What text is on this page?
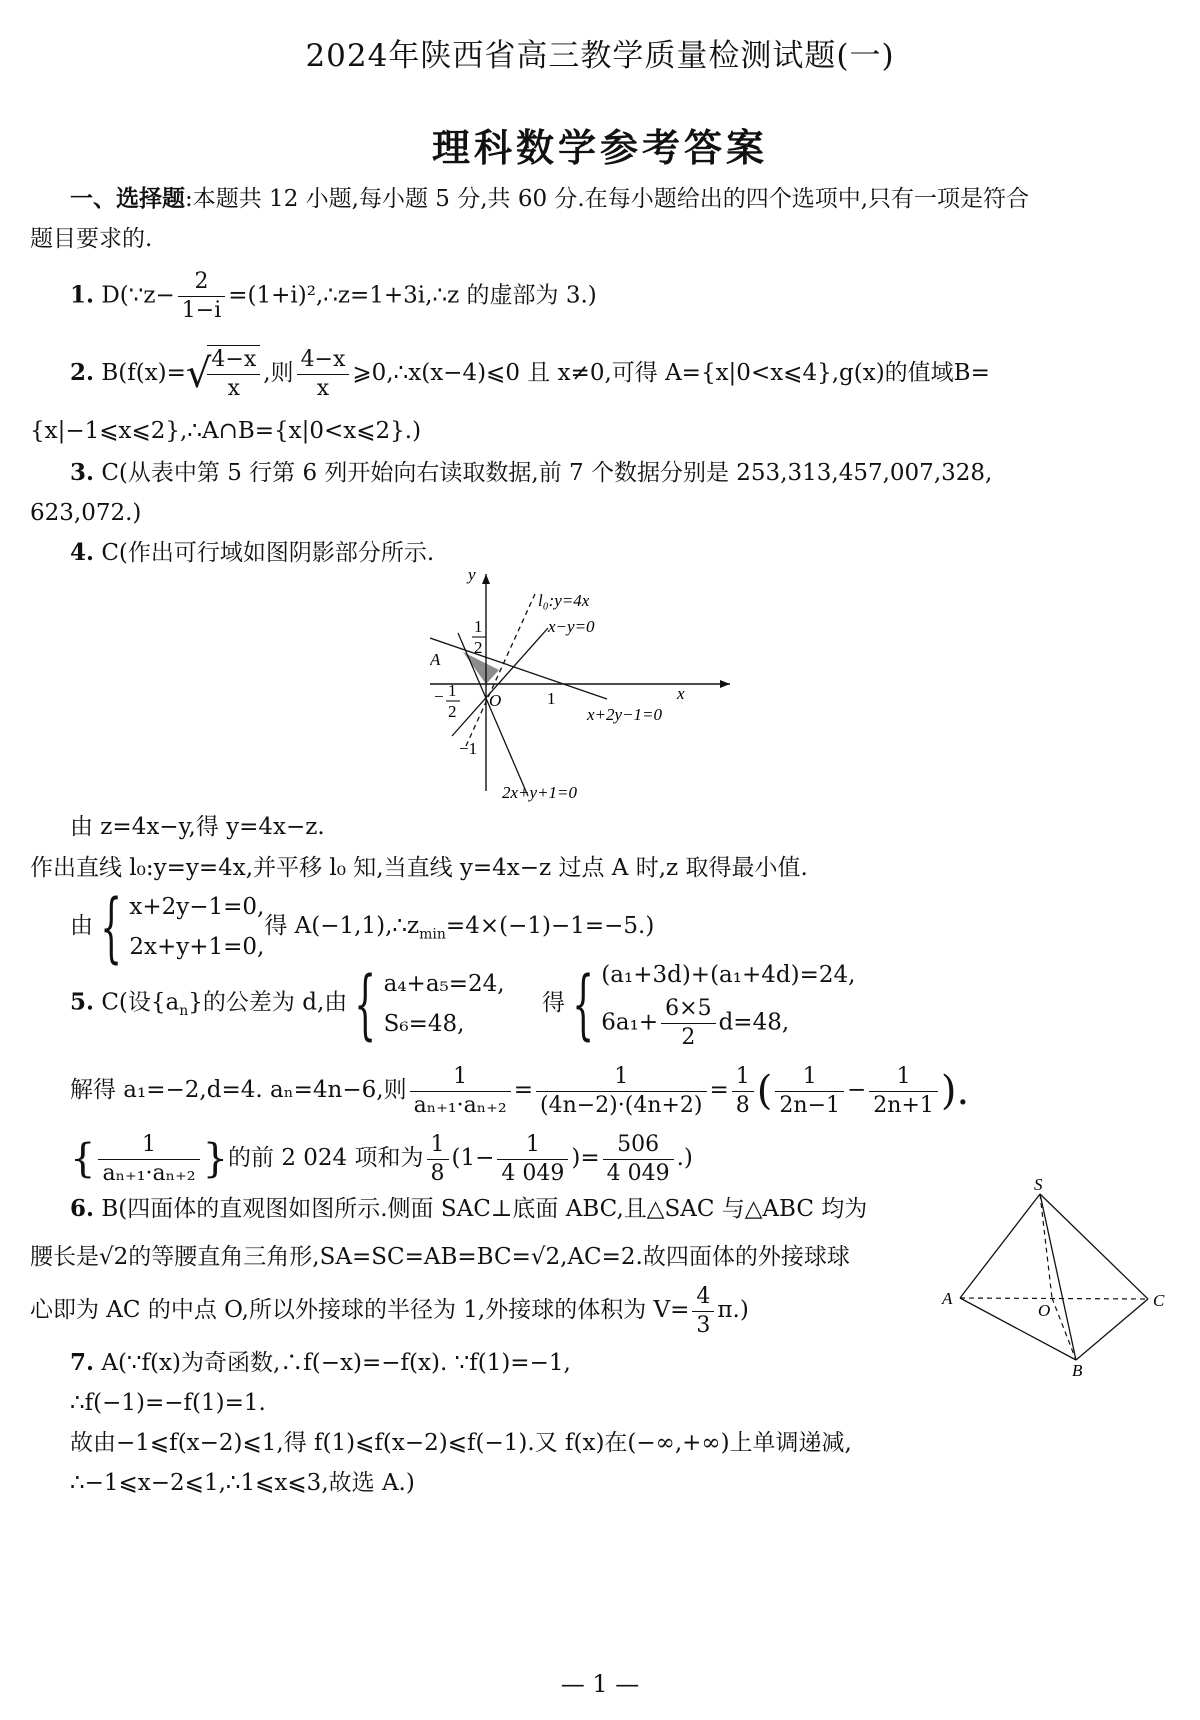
2024年陕西省高三教学质量检测试题(一)
理科数学参考答案
一、选择题:本题共 12 小题,每小题 5 分,共 60 分.在每小题给出的四个选项中,只有一项是符合
题目要求的.
1. D(∵z− $\frac{2}{1-i}$ =(1+i)²,∴z=1+3i,∴z 的虚部为 3.)
2. B(f(x)=√
$\frac{4-x}{x}$ ,则 $\frac{4-x}{x}$ ⩾0,∴x(x−4)⩽0 且 x≠0,可得 A={x|0<x⩽4},g(x)的值域B=
{x|−1⩽x⩽2},∴A∩B={x|0<x⩽2}.)
3. C(从表中第 5 行第 6 列开始向右读取数据,前 7 个数据分别是 253,313,457,007,328,
623,072.)
4. C(作出可行域如图阴影部分所示.
y
x
l₀:y=4x
x−y=0
1
2
A
− 1
2
O	1
x+2y−1=0
−1
2x+y+1=0
由 z=4x−y,得 y=4x−z.
作出直线 l₀:y=y=4x,并平移 l₀ 知,当直线 y=4x−z 过点 A 时,z 取得最小值.
由{ x+2y−1=0,
2x+y+1=0,
得 $A(-1,1),\therefore z_{min}=4\times(-1)-1=-5$.)
5. C(设$\{a_n\}$的公差为 d,由{ a₄+a₅=24,
S₆=48,
得{ (a₁+3d)+(a₁+4d)=24,
$6a_1+ \frac{6\times 5}{2} d=48$,
解得 a₁=−2,d=4. aₙ=4n−6,则 $\frac{1}{\text{aₙ₊₁·aₙ₊₂}} = \frac{1}{(4n-2)\cdot(4n+2)} = \frac{1}{8}$ ( $\frac{1}{2n-1} - \frac{1}{2n+1}$ ).
{ $\frac{1}{\text{aₙ₊₁·aₙ₊₂}}$ }的前 2 024 项和为 $\frac{1}{8} (1- \frac{1}{4 049}$ )= $\frac{506}{4 049}$ .)
6. B(四面体的直观图如图所示.侧面 SAC⊥底面 ABC,且△SAC 与△ABC 均为
腰长是√2的等腰直角三角形,SA=SC=AB=BC=√2,AC=2.故四面体的外接球球
心即为 AC 的中点 O,所以外接球的半径为 1,外接球的体积为 $V= \frac{4}{3} \pi$.)
S
A
O
C
B
7. A(∵f(x)为奇函数,∴f(−x)=−f(x). ∵f(1)=−1,
∴f(−1)=−f(1)=1.
故由−1⩽f(x−2)⩽1,得 f(1)⩽f(x−2)⩽f(−1).又 f(x)在(−∞,+∞)上单调递减,
∴−1⩽x−2⩽1,∴1⩽x⩽3,故选 A.)
— 1 —
